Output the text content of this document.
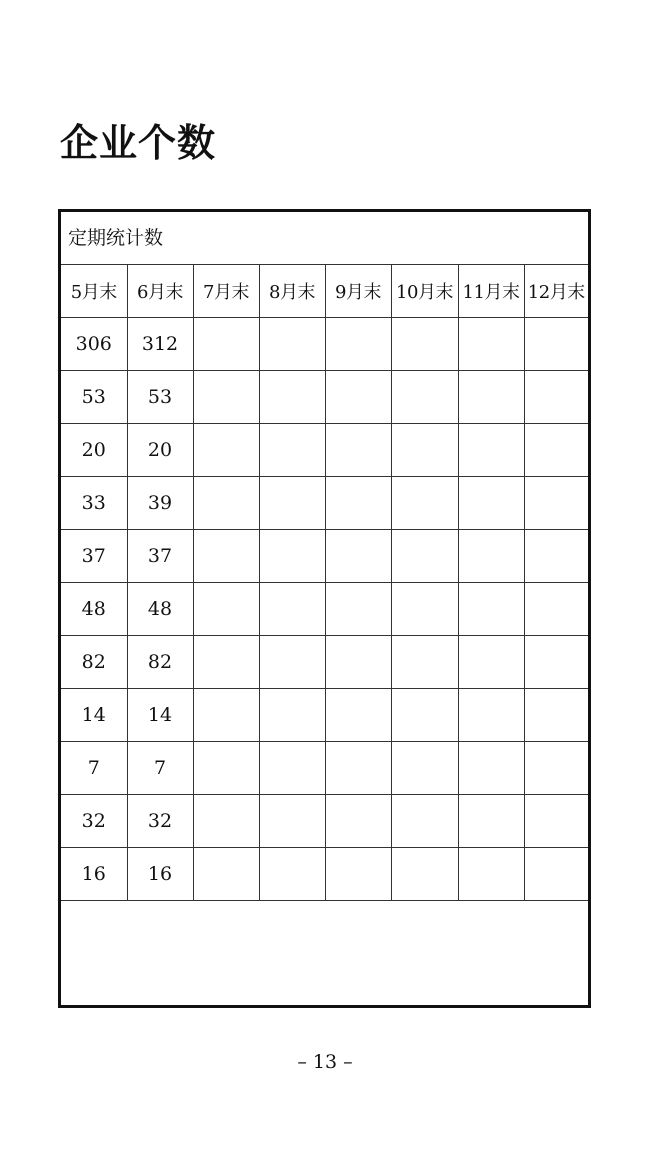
企业个数
定期统计数
5月末	6月末	7月末	8月末	9月末	10月末	11月末	12月末
306	312						
53	53						
20	20						
33	39						
37	37						
48	48						
82	82						
14	14						
7	7						
32	32						
16	16						
– 13 –
